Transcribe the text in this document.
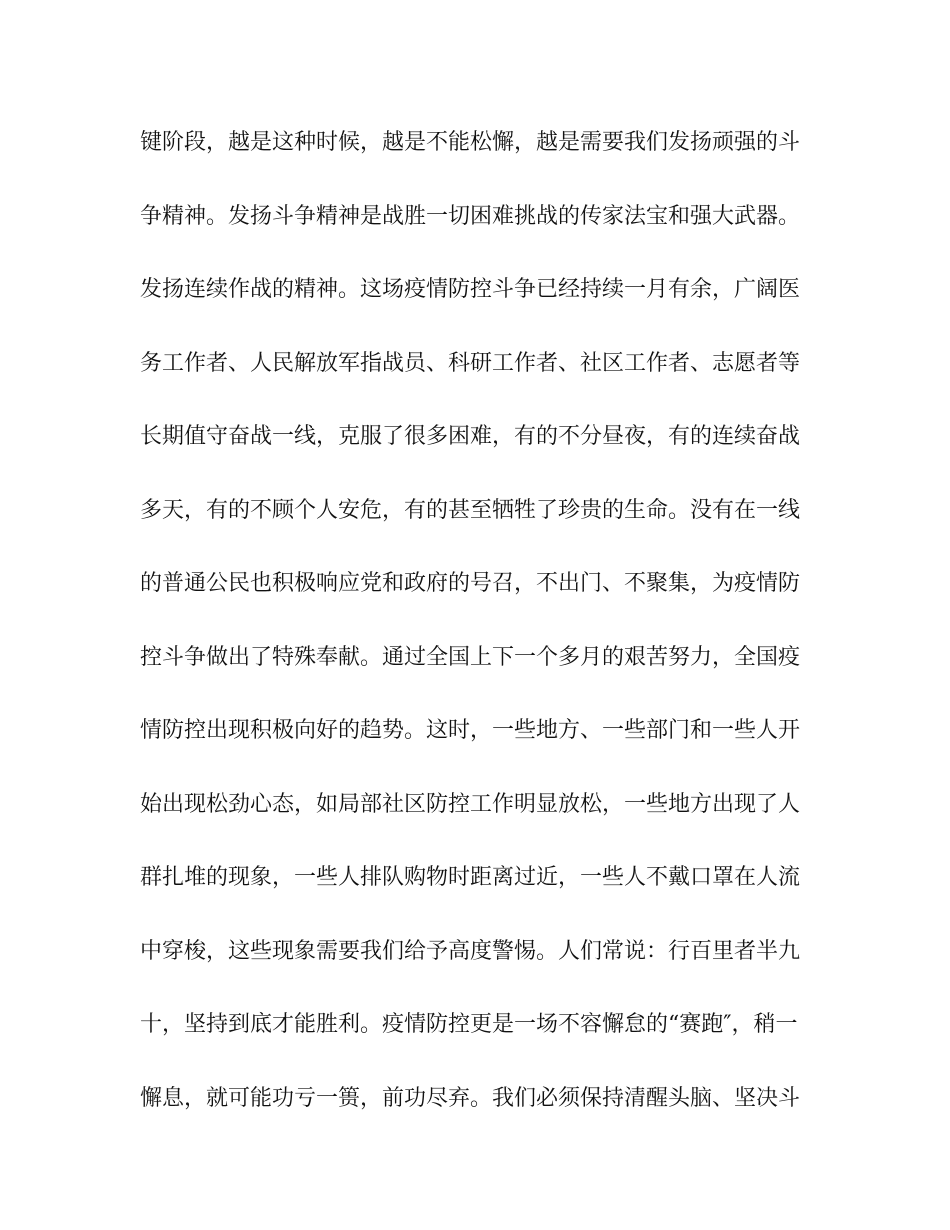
键阶段，越是这种时候，越是不能松懈，越是需要我们发扬顽强的斗
争精神。发扬斗争精神是战胜一切困难挑战的传家法宝和强大武器。
发扬连续作战的精神。这场疫情防控斗争已经持续一月有余，广阔医
务工作者、人民解放军指战员、科研工作者、社区工作者、志愿者等
长期值守奋战一线，克服了很多困难，有的不分昼夜，有的连续奋战
多天，有的不顾个人安危，有的甚至牺牲了珍贵的生命。没有在一线
的普通公民也积极响应党和政府的号召，不出门、不聚集，为疫情防
控斗争做出了特殊奉献。通过全国上下一个多月的艰苦努力，全国疫
情防控出现积极向好的趋势。这时，一些地方、一些部门和一些人开
始出现松劲心态，如局部社区防控工作明显放松，一些地方出现了人
群扎堆的现象，一些人排队购物时距离过近，一些人不戴口罩在人流
中穿梭，这些现象需要我们给予高度警惕。人们常说：行百里者半九
十，坚持到底才能胜利。疫情防控更是一场不容懈怠的“赛跑″，稍一
懈息，就可能功亏一篑，前功尽弃。我们必须保持清醒头脑、坚决斗
